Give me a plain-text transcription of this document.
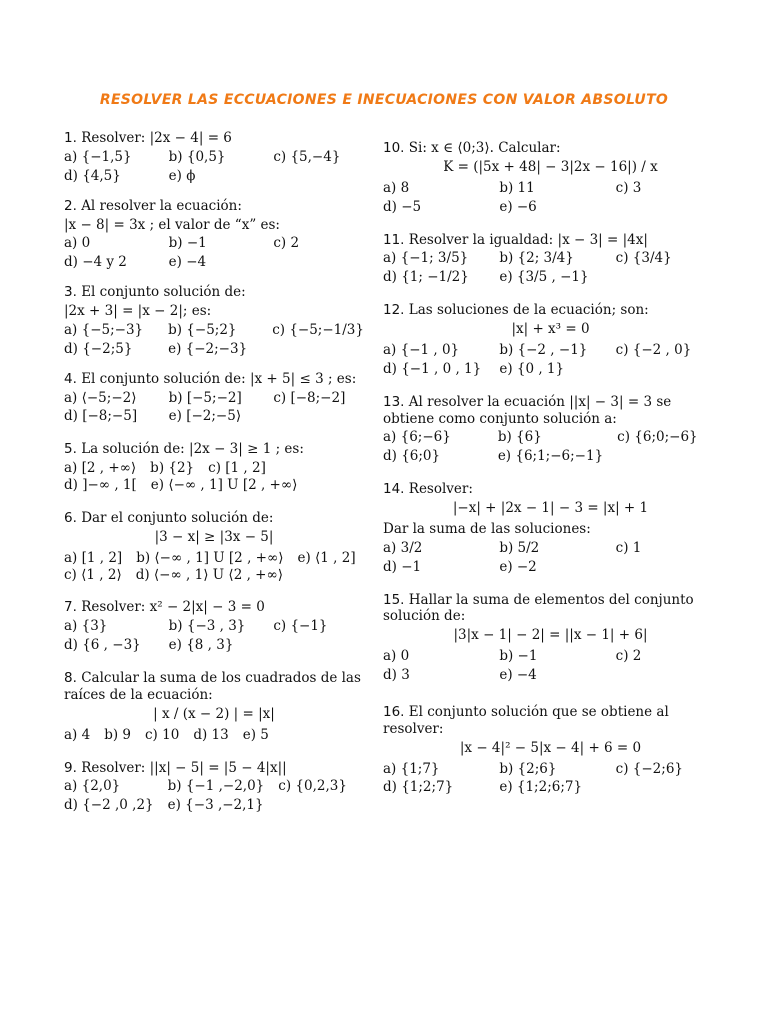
RESOLVER LAS ECCUACIONES E INECUACIONES CON VALOR ABSOLUTO
1. Resolver: |2x − 4| = 6
a) {−1,5}	b) {0,5}	c) {5,−4}
d) {4,5}	e) ϕ
2. Al resolver la ecuación:
|x − 8| = 3x ; el valor de “x” es:
a) 0	b) −1	c) 2
d) −4 y 2	e) −4
3. El conjunto solución de:
|2x + 3| = |x − 2|; es:
a) {−5;−3}	b) {−5;2}	c) {−5;−1/3}
d) {−2;5}	e) {−2;−3}
4. El conjunto solución de: |x + 5| ≤ 3 ; es:
a) ⟨−5;−2⟩	b) [−5;−2]	c) [−8;−2]
d) [−8;−5]	e) [−2;−5⟩
5. La solución de: |2x − 3| ≥ 1 ; es:
a) [2 , +∞⟩ b) {2} c) [1 , 2]
d) ]−∞ , 1[ e) ⟨−∞ , 1] U [2 , +∞⟩
6. Dar el conjunto solución de:
|3 − x| ≥ |3x − 5|
a) [1 , 2] b) ⟨−∞ , 1] U [2 , +∞⟩ e) ⟨1 , 2]
c) ⟨1 , 2⟩ d) ⟨−∞ , 1⟩ U ⟨2 , +∞⟩
7. Resolver: x² − 2|x| − 3 = 0
a) {3}	b) {−3 , 3}	c) {−1}
d) {6 , −3}	e) {8 , 3}
8. Calcular la suma de los cuadrados de las raíces de la ecuación:
| x / (x − 2) | = |x|
a) 4 b) 9 c) 10 d) 13 e) 5
9. Resolver: ||x| − 5| = |5 − 4|x||
a) {2,0}	b) {−1 ,−2,0} c) {0,2,3}
d) {−2 ,0 ,2} e) {−3 ,−2,1}
10. Si: x ∈ ⟨0;3⟩. Calcular:
K = (|5x + 48| − 3|2x − 16|) / x
a) 8	b) 11	c) 3
d) −5	e) −6
11. Resolver la igualdad: |x − 3| = |4x|
a) {−1; 3/5}	b) {2; 3/4}	c) {3/4}
d) {1; −1/2}	e) {3/5 , −1}
12. Las soluciones de la ecuación; son:
|x| + x³ = 0
a) {−1 , 0}	b) {−2 , −1}	c) {−2 , 0}
d) {−1 , 0 , 1}	e) {0 , 1}
13. Al resolver la ecuación ||x| − 3| = 3 se obtiene como conjunto solución a:
a) {6;−6}	b) {6}	c) {6;0;−6}
d) {6;0}	e) {6;1;−6;−1}
14. Resolver:
|−x| + |2x − 1| − 3 = |x| + 1
Dar la suma de las soluciones:
a) 3/2	b) 5/2	c) 1
d) −1	e) −2
15. Hallar la suma de elementos del conjunto solución de:
|3|x − 1| − 2| = ||x − 1| + 6|
a) 0	b) −1	c) 2
d) 3	e) −4
16. El conjunto solución que se obtiene al resolver:
|x − 4|² − 5|x − 4| + 6 = 0
a) {1;7}	b) {2;6}	c) {−2;6}
d) {1;2;7}	e) {1;2;6;7}
